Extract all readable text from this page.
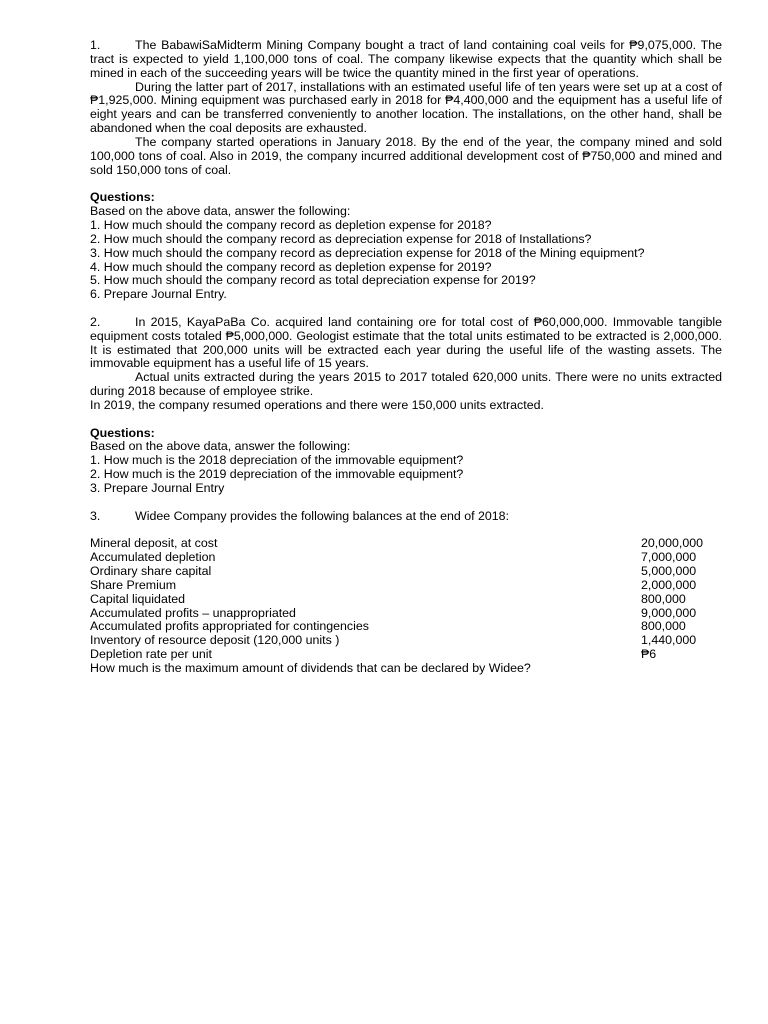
1.	The BabawiSaMidterm Mining Company bought a tract of land containing coal veils for ₱9,075,000. The tract is expected to yield 1,100,000 tons of coal. The company likewise expects that the quantity which shall be mined in each of the succeeding years will be twice the quantity mined in the first year of operations.
During the latter part of 2017, installations with an estimated useful life of ten years were set up at a cost of ₱1,925,000. Mining equipment was purchased early in 2018 for ₱4,400,000 and the equipment has a useful life of eight years and can be transferred conveniently to another location. The installations, on the other hand, shall be abandoned when the coal deposits are exhausted.
The company started operations in January 2018. By the end of the year, the company mined and sold 100,000 tons of coal. Also in 2019, the company incurred additional development cost of ₱750,000 and mined and sold 150,000 tons of coal.
Questions:
Based on the above data, answer the following:
1. How much should the company record as depletion expense for 2018?
2. How much should the company record as depreciation expense for 2018 of Installations?
3. How much should the company record as depreciation expense for 2018 of the Mining equipment?
4. How much should the company record as depletion expense for 2019?
5. How much should the company record as total depreciation expense for 2019?
6. Prepare Journal Entry.
2.	In 2015, KayaPaBa Co. acquired land containing ore for total cost of ₱60,000,000. Immovable tangible equipment costs totaled ₱5,000,000. Geologist estimate that the total units estimated to be extracted is 2,000,000. It is estimated that 200,000 units will be extracted each year during the useful life of the wasting assets. The immovable equipment has a useful life of 15 years.
Actual units extracted during the years 2015 to 2017 totaled 620,000 units. There were no units extracted during 2018 because of employee strike.
In 2019, the company resumed operations and there were 150,000 units extracted.
Questions:
Based on the above data, answer the following:
1. How much is the 2018 depreciation of the immovable equipment?
2. How much is the 2019 depreciation of the immovable equipment?
3. Prepare Journal Entry
3.	Widee Company provides the following balances at the end of 2018:
Mineral deposit, at cost	20,000,000
Accumulated depletion	7,000,000
Ordinary share capital	5,000,000
Share Premium	2,000,000
Capital liquidated	800,000
Accumulated profits – unappropriated	9,000,000
Accumulated profits appropriated for contingencies	800,000
Inventory of resource deposit (120,000 units )	1,440,000
Depletion rate per unit	₱6
How much is the maximum amount of dividends that can be declared by Widee?
